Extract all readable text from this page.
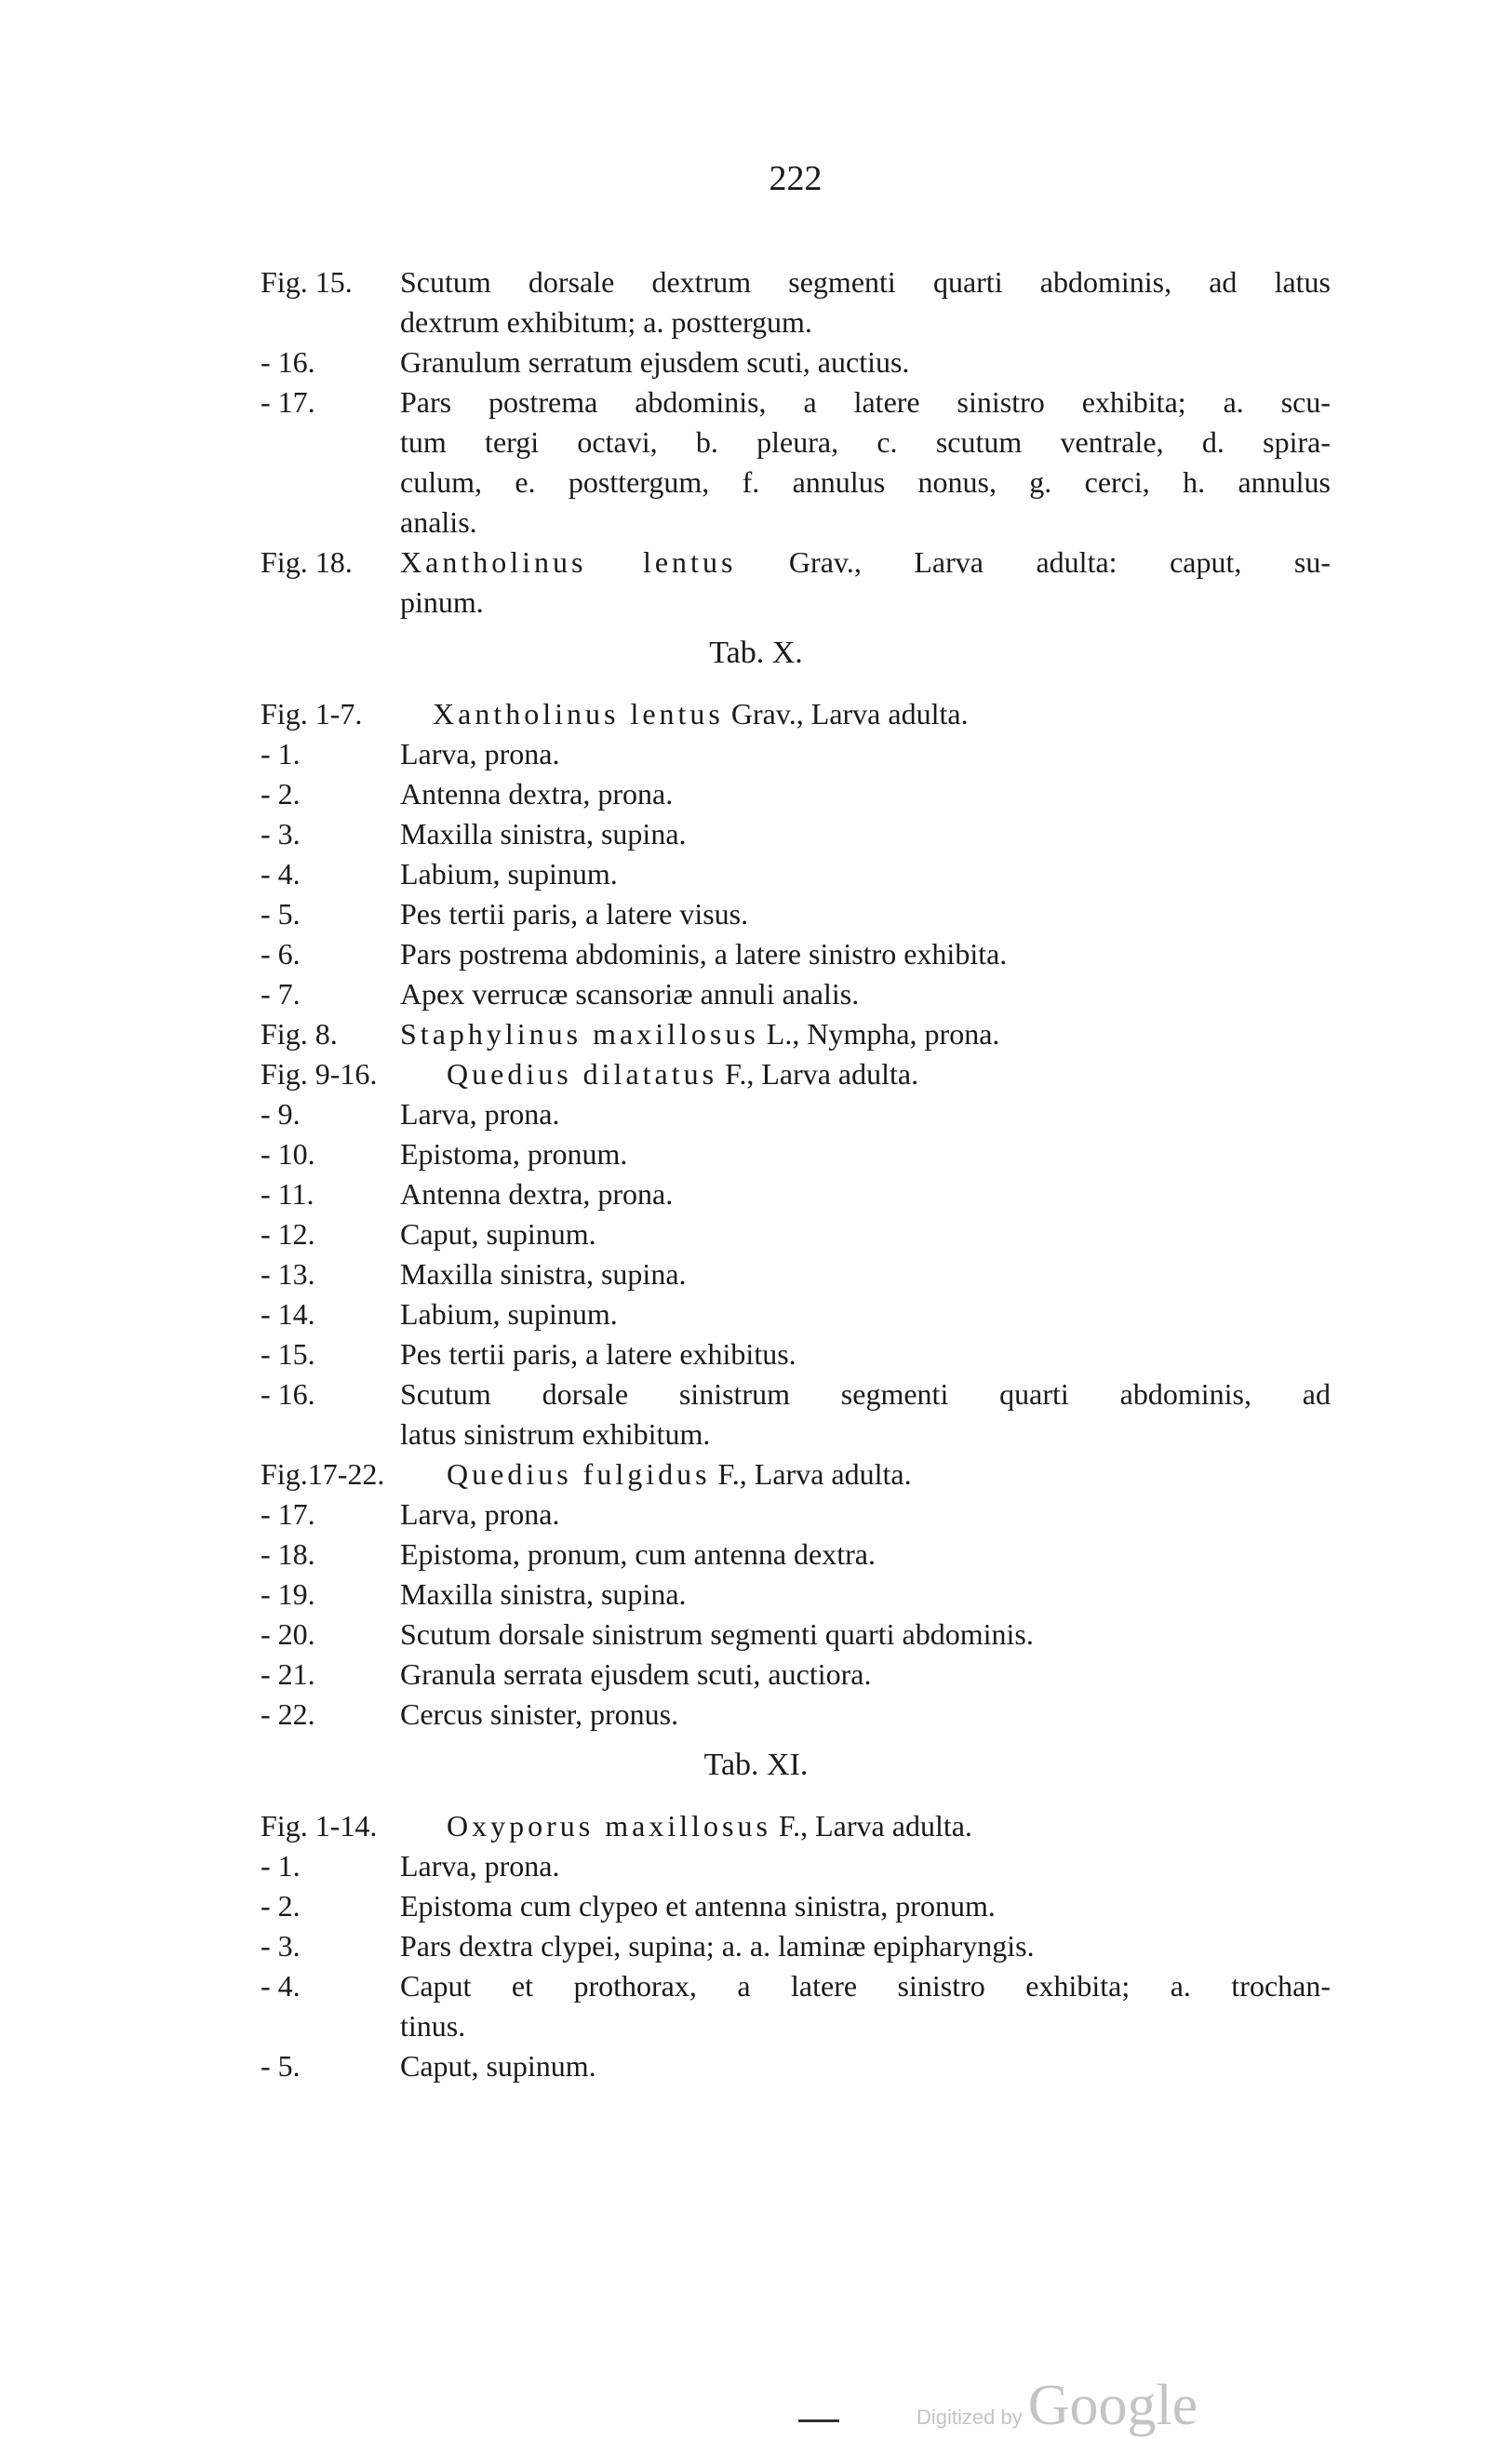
222
Fig. 15. Scutum dorsale dextrum segmenti quarti abdominis, ad latus
dextrum exhibitum; a. posttergum.
- 16.	Granulum serratum ejusdem scuti, auctius.
- 17.	Pars postrema abdominis, a latere sinistro exhibita; a. scu-
tum tergi octavi, b. pleura, c. scutum ventrale, d. spira-
culum, e. posttergum, f. annulus nonus, g. cerci, h. annulus
analis.
Fig. 18. Xantholinus lentus Grav., Larva adulta: caput, su-
pinum.
Tab. X.
Fig. 1-7. Xantholinus lentus Grav., Larva adulta.
- 1.	Larva, prona.
- 2.	Antenna dextra, prona.
- 3.	Maxilla sinistra, supina.
- 4.	Labium, supinum.
- 5.	Pes tertii paris, a latere visus.
- 6.	Pars postrema abdominis, a latere sinistro exhibita.
- 7.	Apex verrucæ scansoriæ annuli analis.
Fig. 8. Staphylinus maxillosus L., Nympha, prona.
Fig. 9-16. Quedius dilatatus F., Larva adulta.
- 9.	Larva, prona.
- 10.	Epistoma, pronum.
- 11.	Antenna dextra, prona.
- 12.	Caput, supinum.
- 13.	Maxilla sinistra, supina.
- 14.	Labium, supinum.
- 15.	Pes tertii paris, a latere exhibitus.
- 16.	Scutum dorsale sinistrum segmenti quarti abdominis, ad
latus sinistrum exhibitum.
Fig.17-22. Quedius fulgidus F., Larva adulta.
- 17.	Larva, prona.
- 18.	Epistoma, pronum, cum antenna dextra.
- 19.	Maxilla sinistra, supina.
- 20.	Scutum dorsale sinistrum segmenti quarti abdominis.
- 21.	Granula serrata ejusdem scuti, auctiora.
- 22.	Cercus sinister, pronus.
Tab. XI.
Fig. 1-14. Oxyporus maxillosus F., Larva adulta.
- 1.	Larva, prona.
- 2.	Epistoma cum clypeo et antenna sinistra, pronum.
- 3.	Pars dextra clypei, supina; a. a. laminæ epipharyngis.
- 4.	Caput et prothorax, a latere sinistro exhibita; a. trochan-
tinus.
- 5.	Caput, supinum.
Digitized byGoogle
